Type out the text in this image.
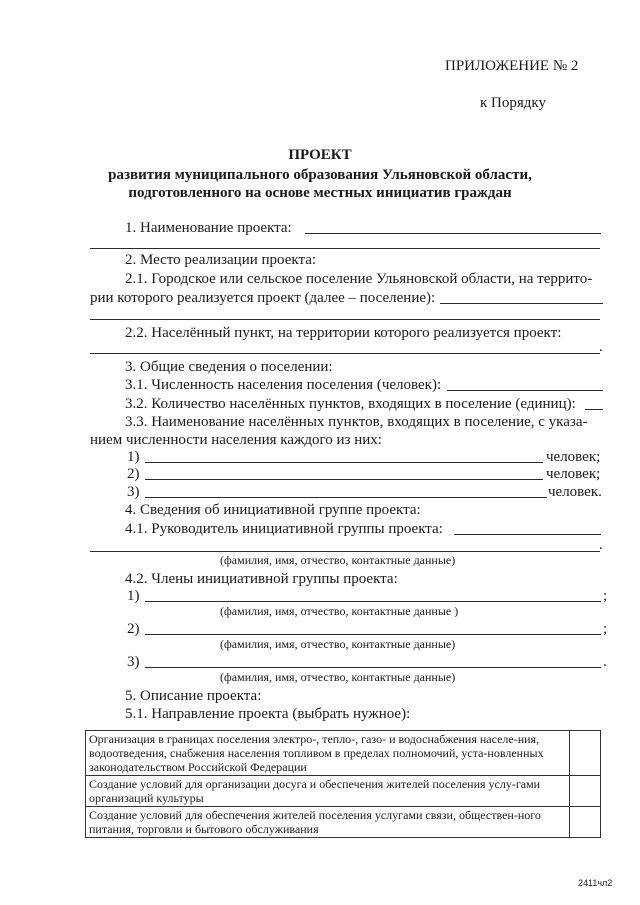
ПРИЛОЖЕНИЕ № 2
к Порядку
ПРОЕКТ
развития муниципального образования Ульяновской области,
подготовленного на основе местных инициатив граждан
1. Наименование проекта:
2. Место реализации проекта:
2.1. Городское или сельское поселение Ульяновской области, на террито-
рии которого реализуется проект (далее – поселение):
2.2. Населённый пункт, на территории которого реализуется проект:
.
3. Общие сведения о поселении:
3.1. Численность населения поселения (человек):
3.2. Количество населённых пунктов, входящих в поселение (единиц):
3.3. Наименование населённых пунктов, входящих в поселение, с указа-
нием численности населения каждого из них:
1)	человек;
2)	человек;
3)	человек.
4. Сведения об инициативной группе проекта:
4.1. Руководитель инициативной группы проекта:
.
(фамилия, имя, отчество, контактные данные)
4.2. Члены инициативной группы проекта:
1)	;
(фамилия, имя, отчество, контактные данные )
2)	;
(фамилия, имя, отчество, контактные данные)
3)	.
(фамилия, имя, отчество, контактные данные)
5. Описание проекта:
5.1. Направление проекта (выбрать нужное):
Организация в границах поселения электро-, тепло-, газо- и водоснабжения населе-ния, водоотведения, снабжения населения топливом в пределах полномочий, уста-новленных законодательством Российской Федерации	
Создание условий для организации досуга и обеспечения жителей поселения услу-гами организаций культуры	
Создание условий для обеспечения жителей поселения услугами связи, обществен-ного питания, торговли и бытового обслуживания	
2411чл2
